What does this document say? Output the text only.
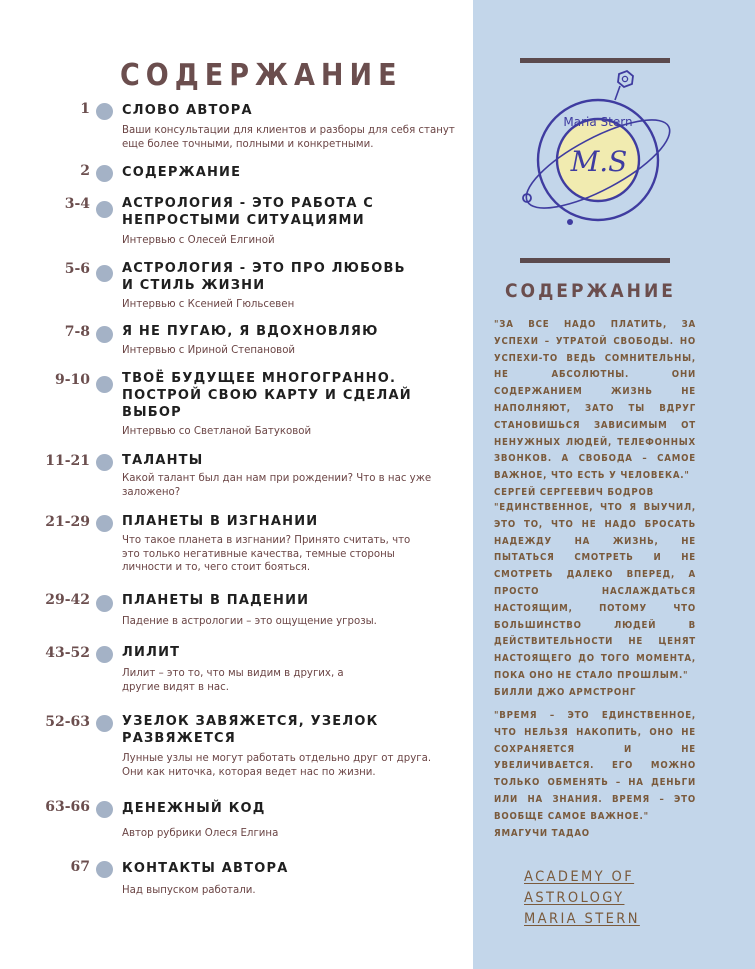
СОДЕРЖАНИЕ
1 СЛОВО АВТОРА
Ваши консультации для клиентов и разборы для себя станут еще более точными, полными и конкретными.
2 СОДЕРЖАНИЕ
3-4 АСТРОЛОГИЯ - ЭТО РАБОТА С НЕПРОСТЫМИ СИТУАЦИЯМИ
Интервью с Олесей Елгиной
5-6 АСТРОЛОГИЯ - ЭТО ПРО ЛЮБОВЬ И СТИЛЬ ЖИЗНИ
Интервью с Ксенией Гюльсевен
7-8 Я НЕ ПУГАЮ, Я ВДОХНОВЛЯЮ
Интервью с Ириной Степановой
9-10 ТВОЁ БУДУЩЕЕ МНОГОГРАННО. ПОСТРОЙ СВОЮ КАРТУ И СДЕЛАЙ ВЫБОР
Интервью со Светланой Батуковой
11-21 ТАЛАНТЫ
Какой талант был дан нам при рождении? Что в нас уже заложено?
21-29 ПЛАНЕТЫ В ИЗГНАНИИ
Что такое планета в изгнании? Принято считать, что это только негативные качества, темные стороны личности и то, чего стоит бояться.
29-42 ПЛАНЕТЫ В ПАДЕНИИ
Падение в астрологии – это ощущение угрозы.
43-52 ЛИЛИТ
Лилит – это то, что мы видим в других, а другие видят в нас.
52-63 УЗЕЛОК ЗАВЯЖЕТСЯ, УЗЕЛОК РАЗВЯЖЕТСЯ
Лунные узлы не могут работать отдельно друг от друга. Они как ниточка, которая ведет нас по жизни.
63-66 ДЕНЕЖНЫЙ КОД
Автор рубрики Олеся Елгина
67 КОНТАКТЫ АВТОРА
Над выпуском работали.
Maria Stern
M.S
СОДЕРЖАНИЕ

"ЗА ВСЕ НАДО ПЛАТИТЬ, ЗА УСПЕХИ – УТРАТОЙ СВОБОДЫ. НО УСПЕХИ-ТО ВЕДЬ СОМНИТЕЛЬНЫ, НЕ АБСОЛЮТНЫ. ОНИ СОДЕРЖАНИЕМ ЖИЗНЬ НЕ НАПОЛНЯЮТ, ЗАТО ТЫ ВДРУГ СТАНОВИШЬСЯ ЗАВИСИМЫМ ОТ НЕНУЖНЫХ ЛЮДЕЙ, ТЕЛЕФОННЫХ ЗВОНКОВ. А СВОБОДА – САМОЕ ВАЖНОЕ, ЧТО ЕСТЬ У ЧЕЛОВЕКА."
СЕРГЕЙ СЕРГЕЕВИЧ БОДРОВ

"ЕДИНСТВЕННОЕ, ЧТО Я ВЫУЧИЛ, ЭТО ТО, ЧТО НЕ НАДО БРОСАТЬ НАДЕЖДУ НА ЖИЗНЬ, НЕ ПЫТАТЬСЯ СМОТРЕТЬ И НЕ СМОТРЕТЬ ДАЛЕКО ВПЕРЕД, А ПРОСТО НАСЛАЖДАТЬСЯ НАСТОЯЩИМ, ПОТОМУ ЧТО БОЛЬШИНСТВО ЛЮДЕЙ В ДЕЙСТВИТЕЛЬНОСТИ НЕ ЦЕНЯТ НАСТОЯЩЕГО ДО ТОГО МОМЕНТА, ПОКА ОНО НЕ СТАЛО ПРОШЛЫМ."
БИЛЛИ ДЖО АРМСТРОНГ

"ВРЕМЯ – ЭТО ЕДИНСТВЕННОЕ, ЧТО НЕЛЬЗЯ НАКОПИТЬ, ОНО НЕ СОХРАНЯЕТСЯ И НЕ УВЕЛИЧИВАЕТСЯ. ЕГО МОЖНО ТОЛЬКО ОБМЕНЯТЬ – НА ДЕНЬГИ ИЛИ НА ЗНАНИЯ. ВРЕМЯ – ЭТО ВООБЩЕ САМОЕ ВАЖНОЕ."
ЯМАГУЧИ ТАДАО

ACADEMY OF
ASTROLOGY
MARIA STERN
